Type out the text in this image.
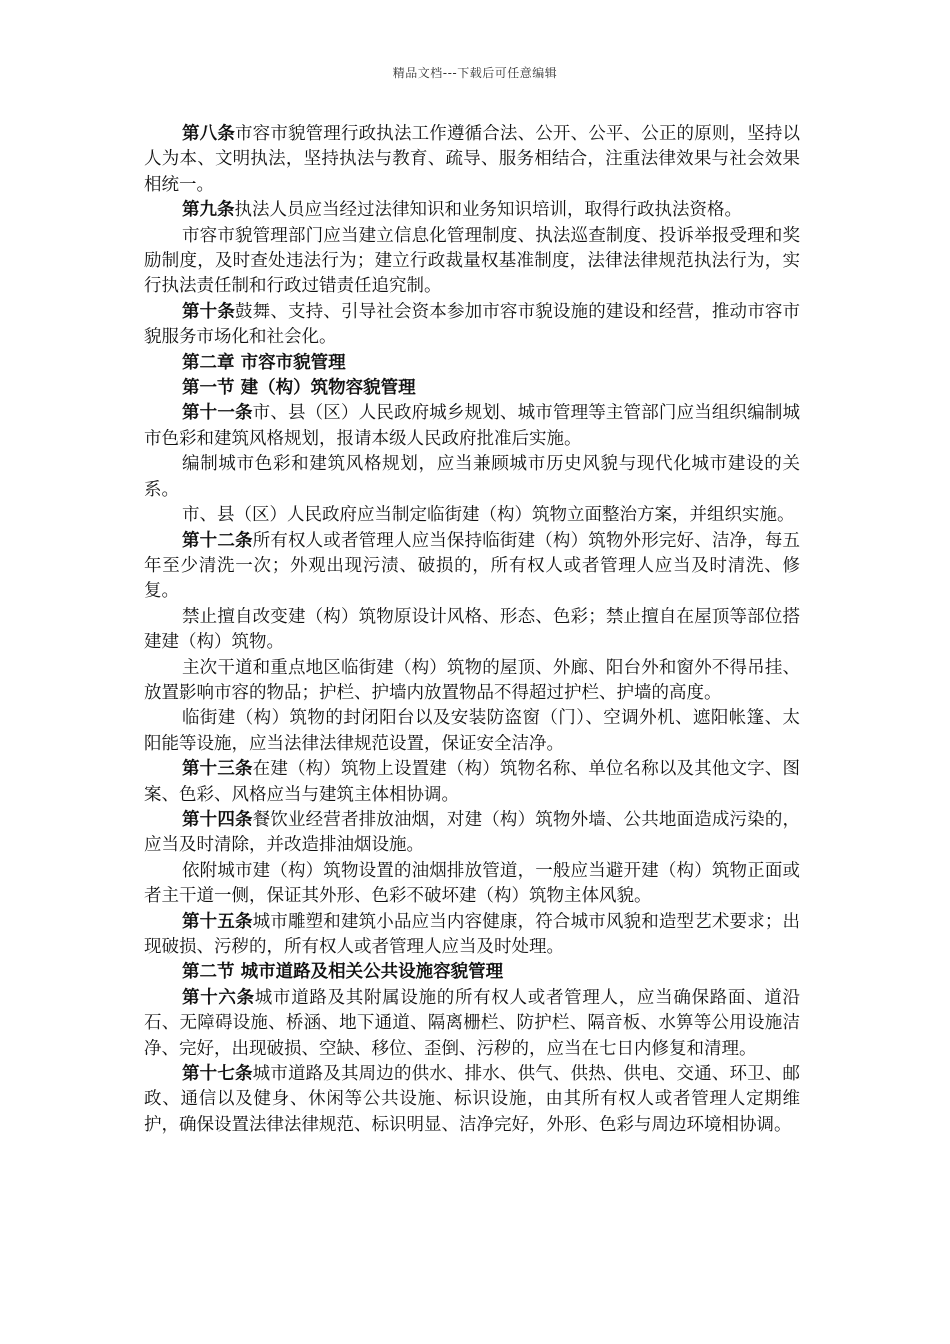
精品文档---下载后可任意编辑

第八条市容市貌管理行政执法工作遵循合法、公开、公平、公正的原则，坚持以人为本、文明执法，坚持执法与教育、疏导、服务相结合，注重法律效果与社会效果相统一。

第九条执法人员应当经过法律知识和业务知识培训，取得行政执法资格。

市容市貌管理部门应当建立信息化管理制度、执法巡查制度、投诉举报受理和奖励制度，及时查处违法行为；建立行政裁量权基准制度，法律法律规范执法行为，实行执法责任制和行政过错责任追究制。

第十条鼓舞、支持、引导社会资本参加市容市貌设施的建设和经营，推动市容市貌服务市场化和社会化。

第二章 市容市貌管理

第一节 建（构）筑物容貌管理

第十一条市、县（区）人民政府城乡规划、城市管理等主管部门应当组织编制城市色彩和建筑风格规划，报请本级人民政府批准后实施。

编制城市色彩和建筑风格规划，应当兼顾城市历史风貌与现代化城市建设的关系。

市、县（区）人民政府应当制定临街建（构）筑物立面整治方案，并组织实施。

第十二条所有权人或者管理人应当保持临街建（构）筑物外形完好、洁净，每五年至少清洗一次；外观出现污渍、破损的，所有权人或者管理人应当及时清洗、修复。

禁止擅自改变建（构）筑物原设计风格、形态、色彩；禁止擅自在屋顶等部位搭建建（构）筑物。

主次干道和重点地区临街建（构）筑物的屋顶、外廊、阳台外和窗外不得吊挂、放置影响市容的物品；护栏、护墙内放置物品不得超过护栏、护墙的高度。

临街建（构）筑物的封闭阳台以及安装防盗窗（门）、空调外机、遮阳帐篷、太阳能等设施，应当法律法律规范设置，保证安全洁净。

第十三条在建（构）筑物上设置建（构）筑物名称、单位名称以及其他文字、图案、色彩、风格应当与建筑主体相协调。

第十四条餐饮业经营者排放油烟，对建（构）筑物外墙、公共地面造成污染的，应当及时清除，并改造排油烟设施。

依附城市建（构）筑物设置的油烟排放管道，一般应当避开建（构）筑物正面或者主干道一侧，保证其外形、色彩不破坏建（构）筑物主体风貌。

第十五条城市雕塑和建筑小品应当内容健康，符合城市风貌和造型艺术要求；出现破损、污秽的，所有权人或者管理人应当及时处理。

第二节 城市道路及相关公共设施容貌管理

第十六条城市道路及其附属设施的所有权人或者管理人，应当确保路面、道沿石、无障碍设施、桥涵、地下通道、隔离栅栏、防护栏、隔音板、水箅等公用设施洁净、完好，出现破损、空缺、移位、歪倒、污秽的，应当在七日内修复和清理。

第十七条城市道路及其周边的供水、排水、供气、供热、供电、交通、环卫、邮政、通信以及健身、休闲等公共设施、标识设施，由其所有权人或者管理人定期维护，确保设置法律法律规范、标识明显、洁净完好，外形、色彩与周边环境相协调。
